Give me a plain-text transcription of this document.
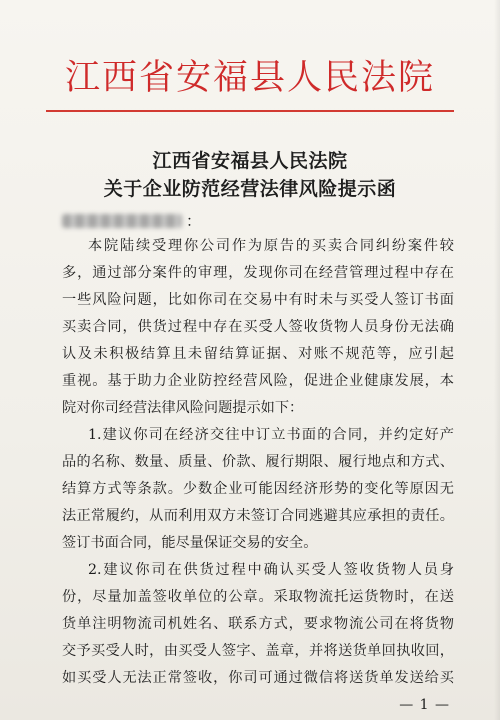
江西省安福县人民法院
江西省安福县人民法院
关于企业防范经营法律风险提示函
：
本院陆续受理你公司作为原告的买卖合同纠纷案件较
多，通过部分案件的审理，发现你司在经营管理过程中存在
一些风险问题，比如你司在交易中有时未与买受人签订书面
买卖合同，供货过程中存在买受人签收货物人员身份无法确
认及未积极结算且未留结算证据、对账不规范等，应引起
重视。基于助力企业防控经营风险，促进企业健康发展，本
院对你司经营法律风险问题提示如下：
1.建议你司在经济交往中订立书面的合同，并约定好产
品的名称、数量、质量、价款、履行期限、履行地点和方式、
结算方式等条款。少数企业可能因经济形势的变化等原因无
法正常履约，从而利用双方未签订合同逃避其应承担的责任。
签订书面合同，能尽量保证交易的安全。
2.建议你司在供货过程中确认买受人签收货物人员身
份，尽量加盖签收单位的公章。采取物流托运货物时，在送
货单注明物流司机姓名、联系方式，要求物流公司在将货物
交予买受人时，由买受人签字、盖章，并将送货单回执收回，
如买受人无法正常签收，你司可通过微信将送货单发送给买
— 1 —
